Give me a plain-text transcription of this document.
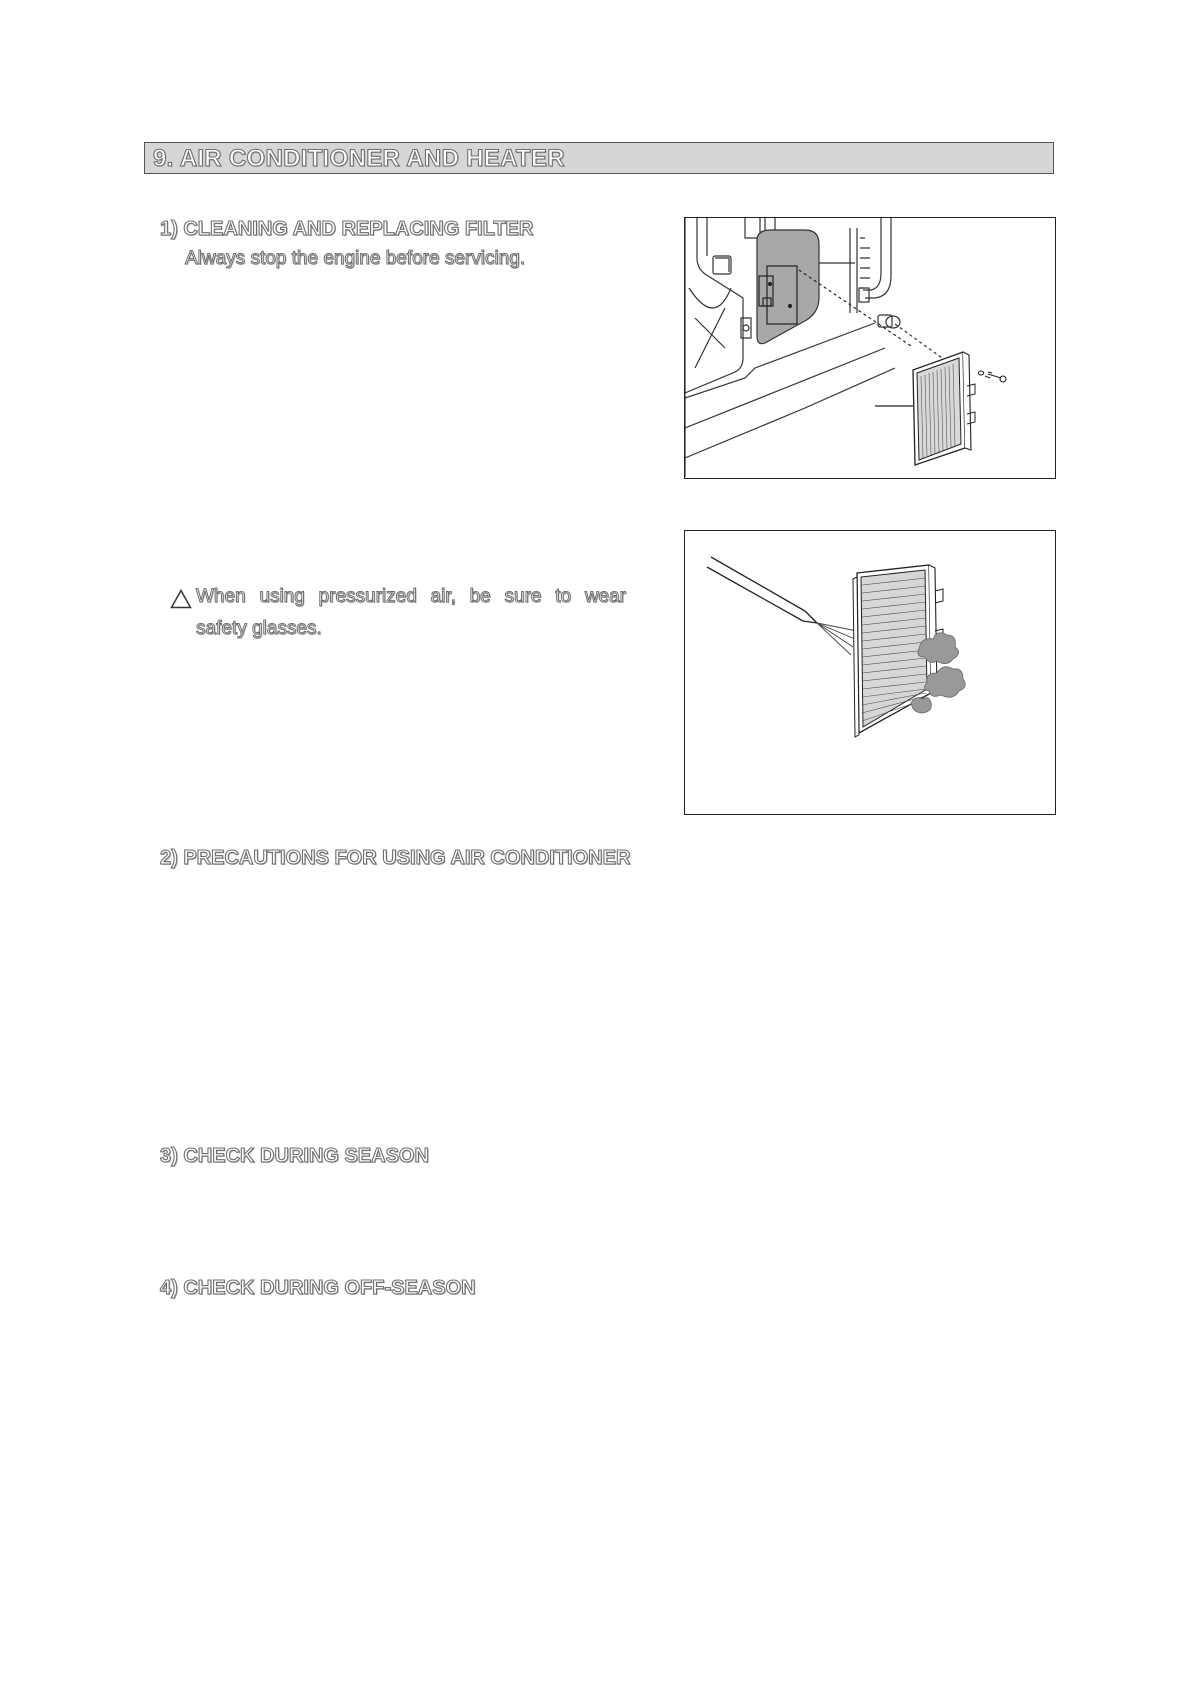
9. AIR CONDITIONER AND HEATER
1) CLEANING AND REPLACING FILTER
Always stop the engine before servicing.
When using pressurized air, be sure to wear
safety glasses.
2) PRECAUTIONS FOR USING AIR CONDITIONER
3) CHECK DURING SEASON
4) CHECK DURING OFF-SEASON
